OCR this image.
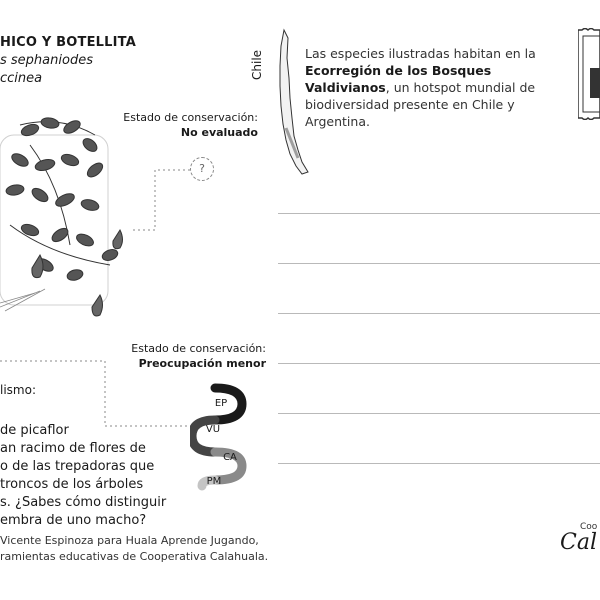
HICO Y BOTELLITA
s sephaniodes
ccinea
Estado de conservación:
No evaluado
?
Estado de conservación:
Preocupación menor
lismo:
de picaflor
an racimo de flores de
o de las trepadoras que
troncos de los árboles
s. ¿Sabes cómo distinguir
embra de uno macho?
EP
VU
CA
PM
Vicente Espinoza para Huala Aprende Jugando,
ramientas educativas de Cooperativa Calahuala.
Chile	Las especies ilustradas habitan en la Ecorregión de los Bosques Valdivianos, un hotspot mundial de biodiversidad presente en Chile y Argentina.
Coo
Cal
